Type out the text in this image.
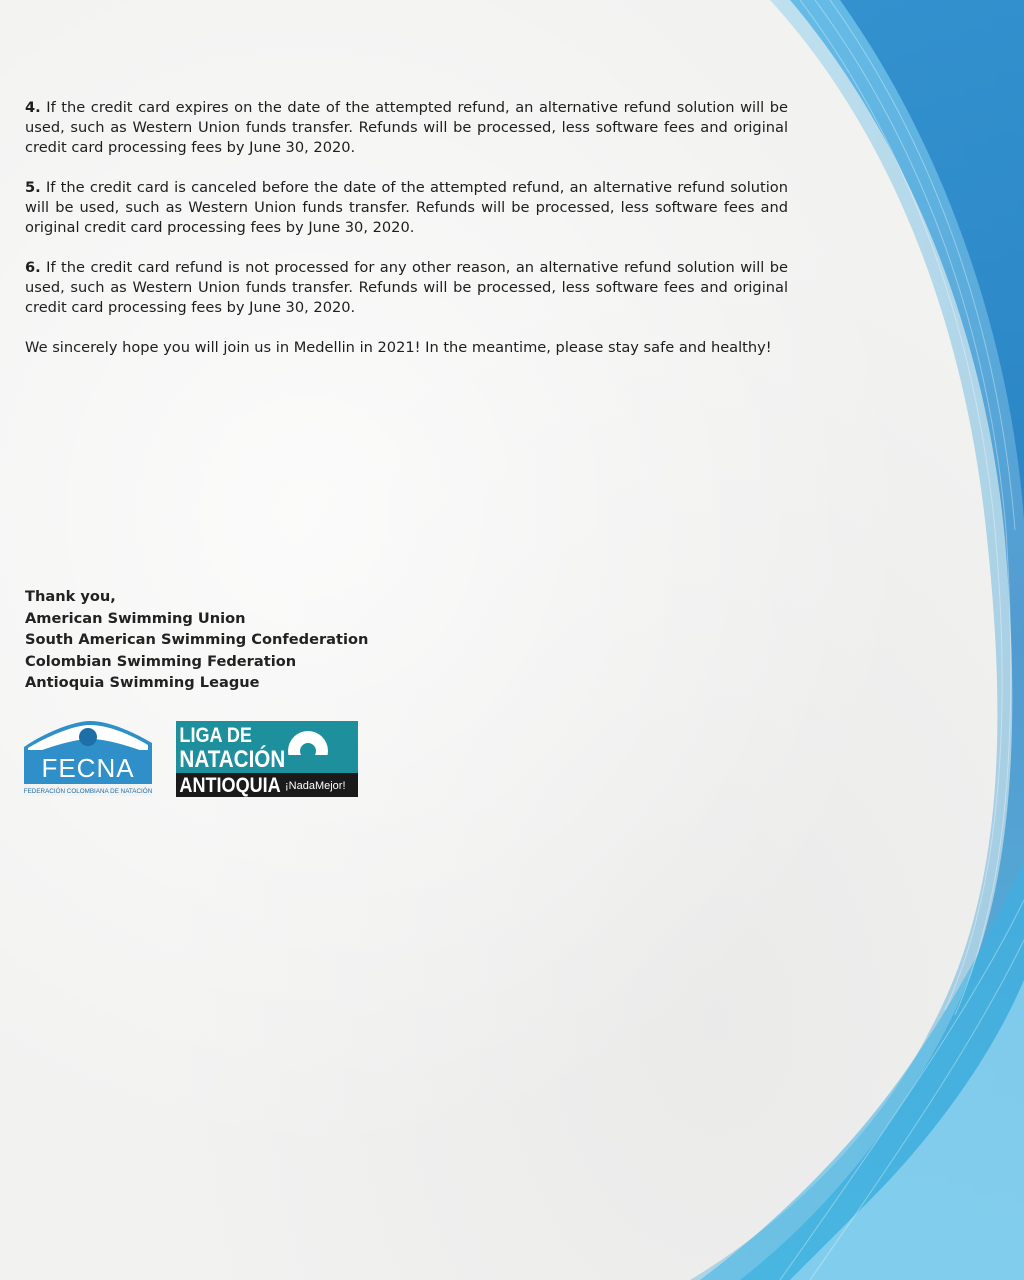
4. If the credit card expires on the date of the attempted refund, an alternative refund solution will be used, such as Western Union funds transfer. Refunds will be processed, less software fees and original credit card processing fees by June 30, 2020.

5. If the credit card is canceled before the date of the attempted refund, an alternative refund solution will be used, such as Western Union funds transfer. Refunds will be processed, less software fees and original credit card processing fees by June 30, 2020.

6. If the credit card refund is not processed for any other reason, an alternative refund solution will be used, such as Western Union funds transfer. Refunds will be processed, less software fees and original credit card processing fees by June 30, 2020.

We sincerely hope you will join us in Medellin in 2021! In the meantime, please stay safe and healthy!

Thank you,
American Swimming Union
South American Swimming Confederation
Colombian Swimming Federation
Antioquia Swimming League
FECNA
FEDERACIÓN COLOMBIANA DE NATACIÓN
LIGA DE
NATACIÓN
ANTIOQUIA ¡NadaMejor!
